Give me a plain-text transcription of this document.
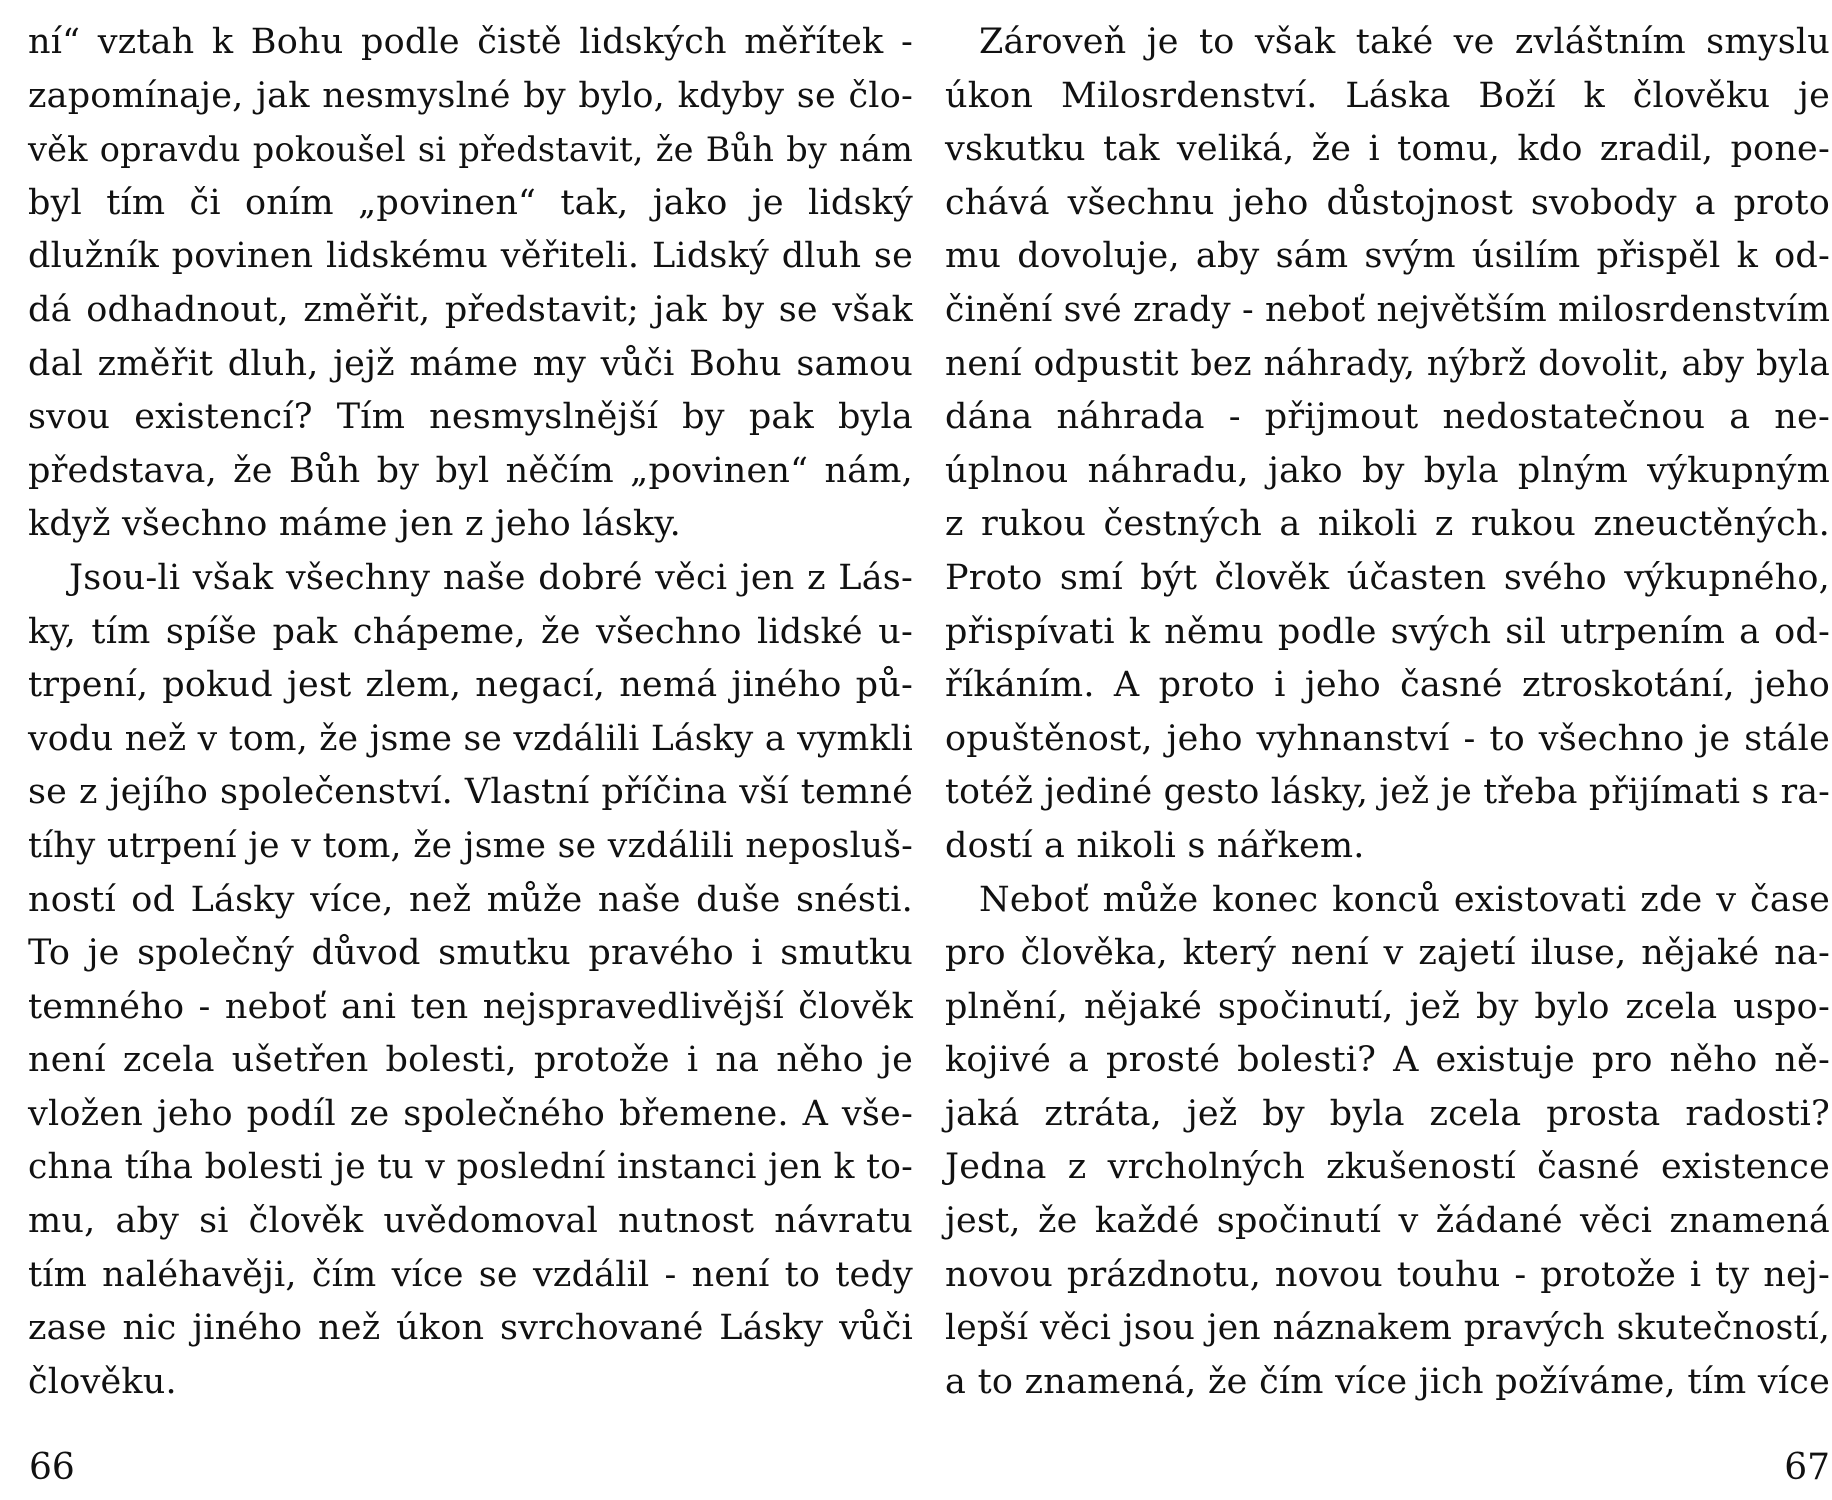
ní“ vztah k Bohu podle čistě lidských měřítek -
zapomínaje, jak nesmyslné by bylo, kdyby se člo-
věk opravdu pokoušel si představit, že Bůh by nám
byl tím či oním „povinen“ tak, jako je lidský
dlužník povinen lidskému věřiteli. Lidský dluh se
dá odhadnout, změřit, představit; jak by se však
dal změřit dluh, jejž máme my vůči Bohu samou
svou existencí? Tím nesmyslnější by pak byla
představa, že Bůh by byl něčím „povinen“ nám,
když všechno máme jen z jeho lásky.
Jsou-li však všechny naše dobré věci jen z Lás-
ky, tím spíše pak chápeme, že všechno lidské u-
trpení, pokud jest zlem, negací, nemá jiného pů-
vodu než v tom, že jsme se vzdálili Lásky a vymkli
se z jejího společenství. Vlastní příčina vší temné
tíhy utrpení je v tom, že jsme se vzdálili neposluš-
ností od Lásky více, než může naše duše snésti.
To je společný důvod smutku pravého i smutku
temného - neboť ani ten nejspravedlivější člověk
není zcela ušetřen bolesti, protože i na něho je
vložen jeho podíl ze společného břemene. A vše-
chna tíha bolesti je tu v poslední instanci jen k to-
mu, aby si člověk uvědomoval nutnost návratu
tím naléhavěji, čím více se vzdálil - není to tedy
zase nic jiného než úkon svrchované Lásky vůči
člověku.
66
Zároveň je to však také ve zvláštním smyslu
úkon Milosrdenství. Láska Boží k člověku je
vskutku tak veliká, že i tomu, kdo zradil, pone-
chává všechnu jeho důstojnost svobody a proto
mu dovoluje, aby sám svým úsilím přispěl k od-
činění své zrady - neboť největším milosrdenstvím
není odpustit bez náhrady, nýbrž dovolit, aby byla
dána náhrada - přijmout nedostatečnou a ne-
úplnou náhradu, jako by byla plným výkupným
z rukou čestných a nikoli z rukou zneuctěných.
Proto smí být člověk účasten svého výkupného,
přispívati k němu podle svých sil utrpením a od-
říkáním. A proto i jeho časné ztroskotání, jeho
opuštěnost, jeho vyhnanství - to všechno je stále
totéž jediné gesto lásky, jež je třeba přijímati s ra-
dostí a nikoli s nářkem.
Neboť může konec konců existovati zde v čase
pro člověka, který není v zajetí iluse, nějaké na-
plnění, nějaké spočinutí, jež by bylo zcela uspo-
kojivé a prosté bolesti? A existuje pro něho ně-
jaká ztráta, jež by byla zcela prosta radosti?
Jedna z vrcholných zkušeností časné existence
jest, že každé spočinutí v žádané věci znamená
novou prázdnotu, novou touhu - protože i ty nej-
lepší věci jsou jen náznakem pravých skutečností,
a to znamená, že čím více jich požíváme, tím více
67
